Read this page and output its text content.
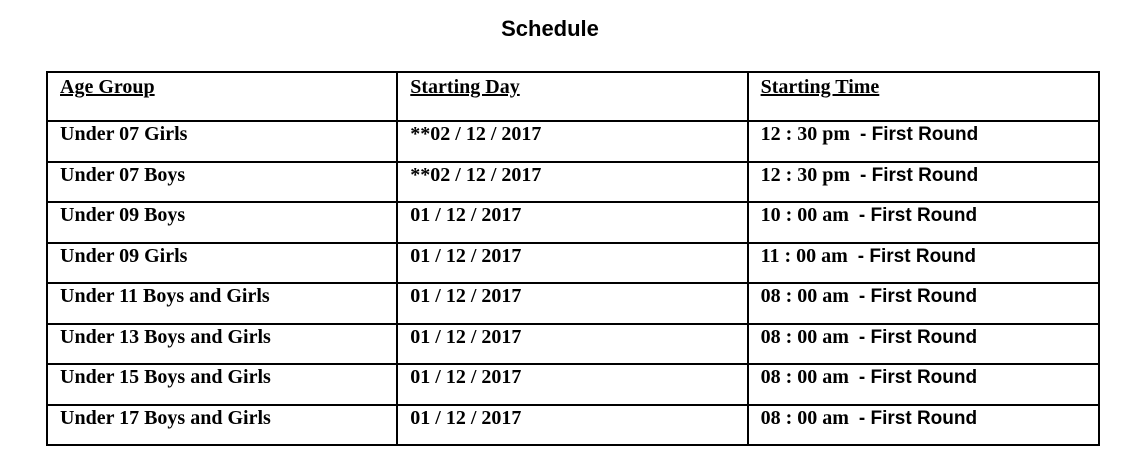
Schedule
Age Group	Starting Day	Starting Time
Under 07 Girls	**02 / 12 / 2017	12 : 30 pm - First Round
Under 07 Boys	**02 / 12 / 2017	12 : 30 pm - First Round
Under 09 Boys	01 / 12 / 2017	10 : 00 am - First Round
Under 09 Girls	01 / 12 / 2017	11 : 00 am - First Round
Under 11 Boys and Girls	01 / 12 / 2017	08 : 00 am - First Round
Under 13 Boys and Girls	01 / 12 / 2017	08 : 00 am - First Round
Under 15 Boys and Girls	01 / 12 / 2017	08 : 00 am - First Round
Under 17 Boys and Girls	01 / 12 / 2017	08 : 00 am - First Round
